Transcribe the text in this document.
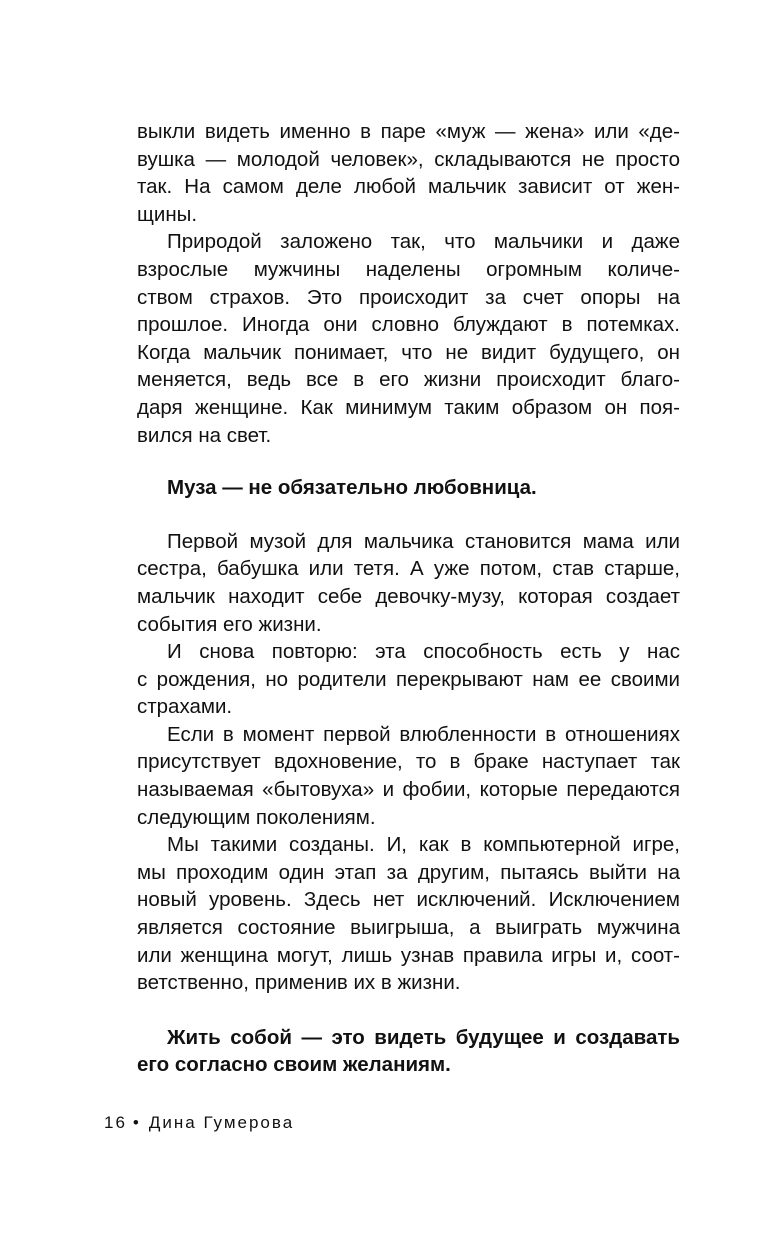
выкли видеть именно в паре «муж — жена» или «де-
вушка — молодой человек», складываются не просто
так. На самом деле любой мальчик зависит от жен-
щины.
Природой заложено так, что мальчики и даже
взрослые мужчины наделены огромным количе-
ством страхов. Это происходит за счет опоры на
прошлое. Иногда они словно блуждают в потемках.
Когда мальчик понимает, что не видит будущего, он
меняется, ведь все в его жизни происходит благо-
даря женщине. Как минимум таким образом он поя-
вился на свет.
Муза — не обязательно любовница.
Первой музой для мальчика становится мама или
сестра, бабушка или тетя. А уже потом, став старше,
мальчик находит себе девочку-музу, которая создает
события его жизни.
И снова повторю: эта способность есть у нас
с рождения, но родители перекрывают нам ее своими
страхами.
Если в момент первой влюбленности в отношениях
присутствует вдохновение, то в браке наступает так
называемая «бытовуха» и фобии, которые передаются
следующим поколениям.
Мы такими созданы. И, как в компьютерной игре,
мы проходим один этап за другим, пытаясь выйти на
новый уровень. Здесь нет исключений. Исключением
является состояние выигрыша, а выиграть мужчина
или женщина могут, лишь узнав правила игры и, соот-
ветственно, применив их в жизни.
Жить собой — это видеть будущее и создавать
его согласно своим желаниям.
16 • Дина Гумерова
